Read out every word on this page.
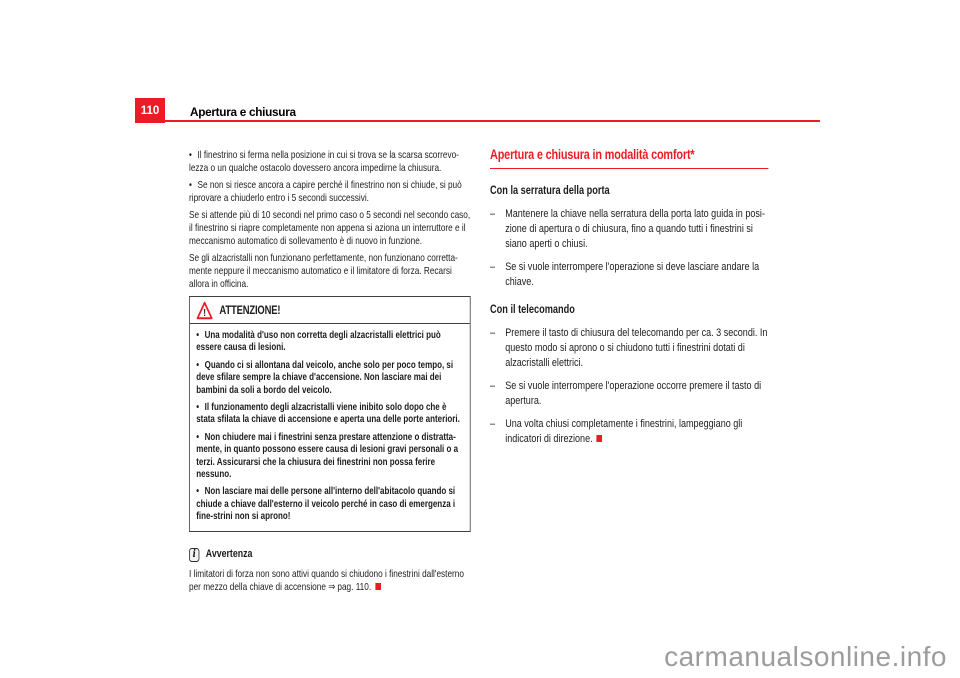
110	Apertura e chiusura

• Il finestrino si ferma nella posizione in cui si trova se la scarsa scorrevo-lezza o un qualche ostacolo dovessero ancora impedirne la chiusura.

• Se non si riesce ancora a capire perché il finestrino non si chiude, si può riprovare a chiuderlo entro i 5 secondi successivi.

Se si attende più di 10 secondi nel primo caso o 5 secondi nel secondo caso, il finestrino si riapre completamente non appena si aziona un interruttore e il meccanismo automatico di sollevamento è di nuovo in funzione.

Se gli alzacristalli non funzionano perfettamente, non funzionano corretta-mente neppure il meccanismo automatico e il limitatore di forza. Recarsi allora in officina.

! ATTENZIONE!

• Una modalità d'uso non corretta degli alzacristalli elettrici può essere causa di lesioni.

• Quando ci si allontana dal veicolo, anche solo per poco tempo, si deve sfilare sempre la chiave d'accensione. Non lasciare mai dei bambini da soli a bordo del veicolo.

• Il funzionamento degli alzacristalli viene inibito solo dopo che è stata sfilata la chiave di accensione e aperta una delle porte anteriori.

• Non chiudere mai i finestrini senza prestare attenzione o distratta-mente, in quanto possono essere causa di lesioni gravi personali o a terzi. Assicurarsi che la chiusura dei finestrini non possa ferire nessuno.

• Non lasciare mai delle persone all'interno dell'abitacolo quando si chiude a chiave dall'esterno il veicolo perché in caso di emergenza i fine-strini non si aprono!

i Avvertenza

I limitatori di forza non sono attivi quando si chiudono i finestrini dall'esterno per mezzo della chiave di accensione ⇒ pag. 110.

Apertura e chiusura in modalità comfort*
Con la serratura della porta
– Mantenere la chiave nella serratura della porta lato guida in posi-zione di apertura o di chiusura, fino a quando tutti i finestrini si siano aperti o chiusi.
– Se si vuole interrompere l'operazione si deve lasciare andare la chiave.
Con il telecomando
– Premere il tasto di chiusura del telecomando per ca. 3 secondi. In questo modo si aprono o si chiudono tutti i finestrini dotati di alzacristalli elettrici.
– Se si vuole interrompere l'operazione occorre premere il tasto di apertura.
– Una volta chiusi completamente i finestrini, lampeggiano gli indicatori di direzione.
carmanualsonline.info
